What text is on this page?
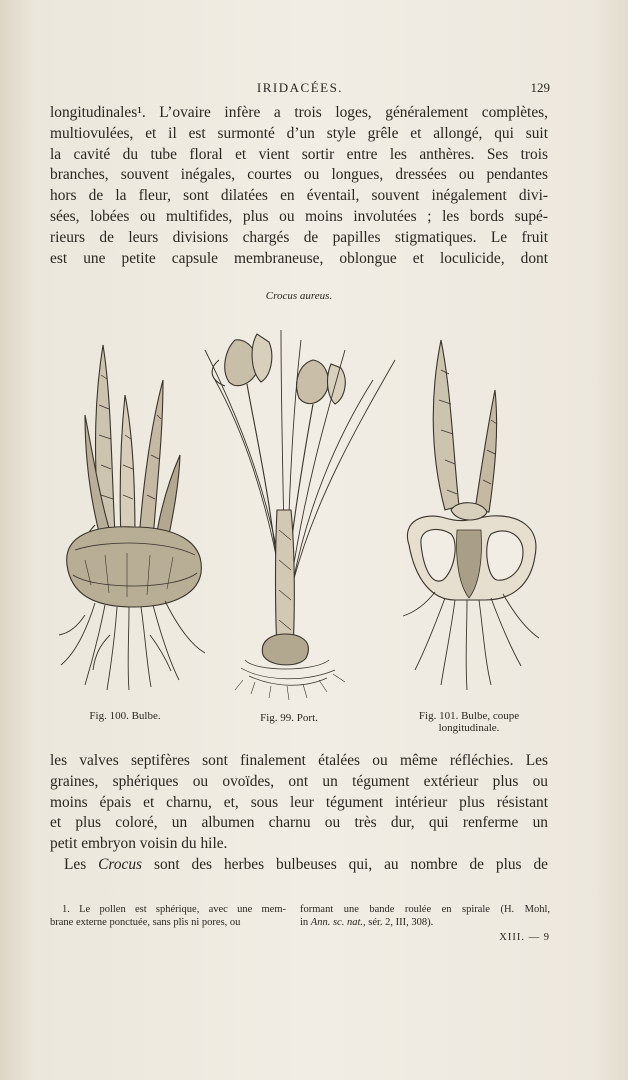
IRIDACÉES.	129
longitudinales¹. L’ovaire infère a trois loges, généralement complètes,
multiovulées, et il est surmonté d’un style grêle et allongé, qui suit
la cavité du tube floral et vient sortir entre les anthères. Ses trois
branches, souvent inégales, courtes ou longues, dressées ou pendantes
hors de la fleur, sont dilatées en éventail, souvent inégalement divi-
sées, lobées ou multifides, plus ou moins involutées ; les bords supé-
rieurs de leurs divisions chargés de papilles stigmatiques. Le fruit
est une petite capsule membraneuse, oblongue et loculicide, dont
Crocus aureus.
Fig. 100. Bulbe.	Fig. 99. Port.	Fig. 101. Bulbe, coupe
longitudinale.
les valves septifères sont finalement étalées ou même réfléchies. Les
graines, sphériques ou ovoïdes, ont un tégument extérieur plus ou
moins épais et charnu, et, sous leur tégument intérieur plus résistant
et plus coloré, un albumen charnu ou très dur, qui renferme un
petit embryon voisin du hile.
Les Crocus sont des herbes bulbeuses qui, au nombre de plus de
1. Le pollen est sphérique, avec une mem-
brane externe ponctuée, sans plis ni pores, ou
formant une bande roulée en spirale (H. Mohl,
in Ann. sc. nat., sér. 2, III, 308).
XIII. — 9
